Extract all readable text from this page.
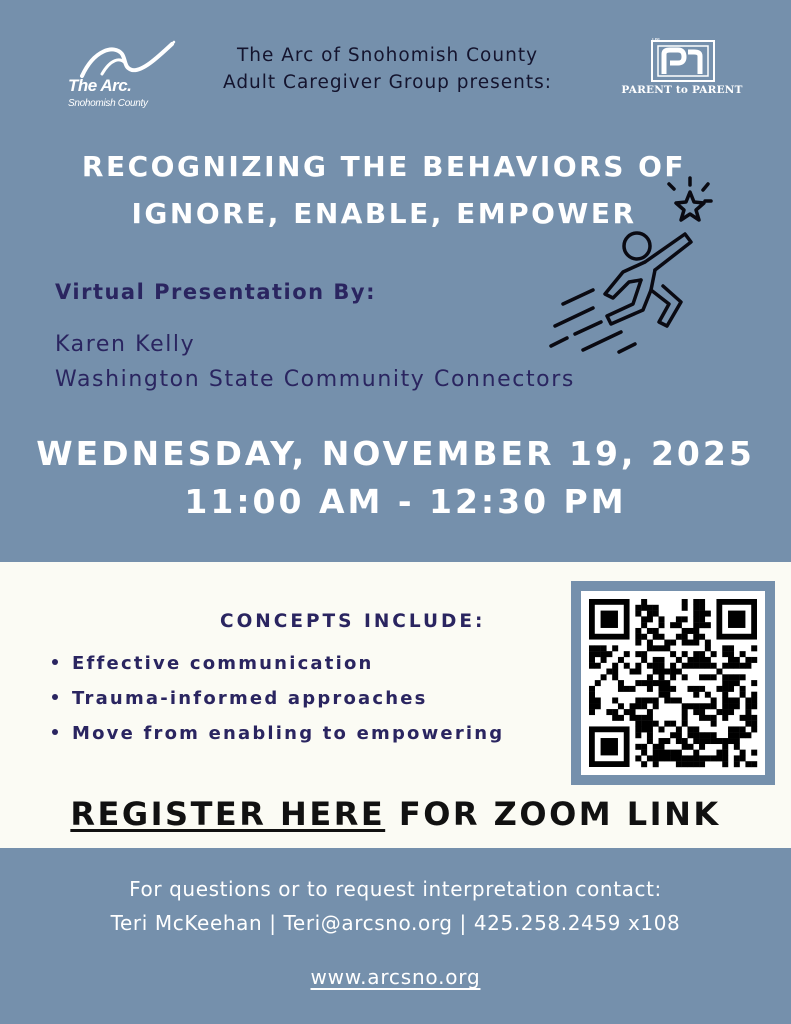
The Arc.
Snohomish County
The Arc of Snohomish County
Adult Caregiver Group presents:
TM
PARENT to PARENT
RECOGNIZING THE BEHAVIORS OF
IGNORE, ENABLE, EMPOWER
Virtual Presentation By:
Karen Kelly
Washington State Community Connectors
WEDNESDAY, NOVEMBER 19, 2025
11:00 AM - 12:30 PM
CONCEPTS INCLUDE:
Effective communication
Trauma-informed approaches
Move from enabling to empowering
REGISTER HERE FOR ZOOM LINK
For questions or to request interpretation contact:
Teri McKeehan | Teri@arcsno.org | 425.258.2459 x108
www.arcsno.org
